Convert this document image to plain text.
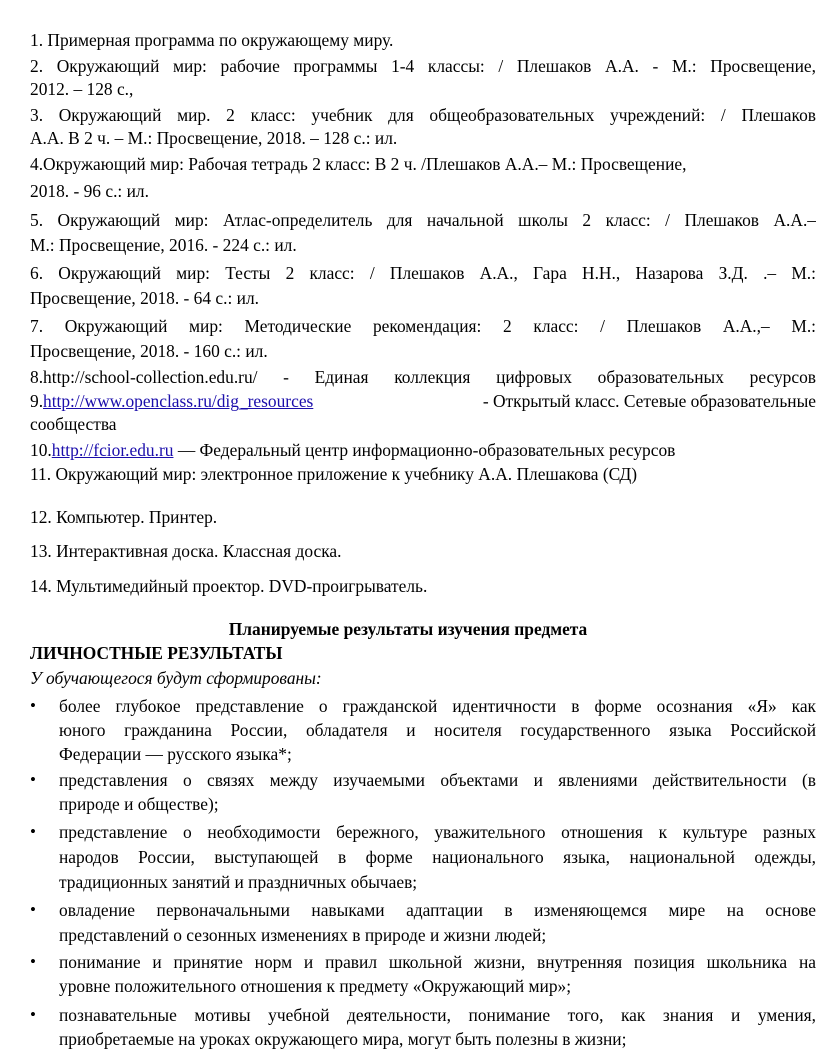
1. Примерная программа по окружающему миру.
2. Окружающий мир: рабочие программы 1-4 классы: / Плешаков А.А. - М.: Просвещение,
2012. – 128 с.,
3. Окружающий мир. 2 класс: учебник для общеобразовательных учреждений: / Плешаков
А.А. В 2 ч. – М.: Просвещение, 2018. – 128 с.: ил.
4.Окружающий мир: Рабочая тетрадь 2 класс: В 2 ч. /Плешаков А.А.– М.: Просвещение,
2018. - 96 с.: ил.
5. Окружающий мир: Атлас-определитель для начальной школы 2 класс: / Плешаков А.А.–
М.: Просвещение, 2016. - 224 с.: ил.
6. Окружающий мир: Тесты 2 класс: / Плешаков А.А., Гара Н.Н., Назарова З.Д. .– М.:
Просвещение, 2018. - 64 с.: ил.
7. Окружающий мир: Методические рекомендация: 2 класс: / Плешаков А.А.,– М.:
Просвещение, 2018. - 160 с.: ил.
8.http://school-collection.edu.ru/ - Единая коллекция цифровых образовательных ресурсов
9. http://www.openclass.ru/dig_resources	- Открытый класс. Сетевые образовательные
сообщества
10.http://fcior.edu.ru — Федеральный центр информационно-образовательных ресурсов
11. Окружающий мир: электронное приложение к учебнику А.А. Плешакова (СД)
12. Компьютер. Принтер.
13. Интерактивная доска. Классная доска.
14. Мультимедийный проектор. DVD-проигрыватель.
Планируемые результаты изучения предмета
ЛИЧНОСТНЫЕ РЕЗУЛЬТАТЫ
У обучающегося будут сформированы:
• более глубокое представление о гражданской идентичности в форме осознания «Я» как
юного гражданина России, обладателя и носителя государственного языка Российской
Федерации — русского языка*;
• представления о связях между изучаемыми объектами и явлениями действительности (в
природе и обществе);
• представление о необходимости бережного, уважительного отношения к культуре разных
народов России, выступающей в форме национального языка, национальной одежды,
традиционных занятий и праздничных обычаев;
• овладение первоначальными навыками адаптации в изменяющемся мире на основе
представлений о сезонных изменениях в природе и жизни людей;
• понимание и принятие норм и правил школьной жизни, внутренняя позиция школьника на
уровне положительного отношения к предмету «Окружающий мир»;
• познавательные мотивы учебной деятельности, понимание того, как знания и умения,
приобретаемые на уроках окружающего мира, могут быть полезны в жизни;
